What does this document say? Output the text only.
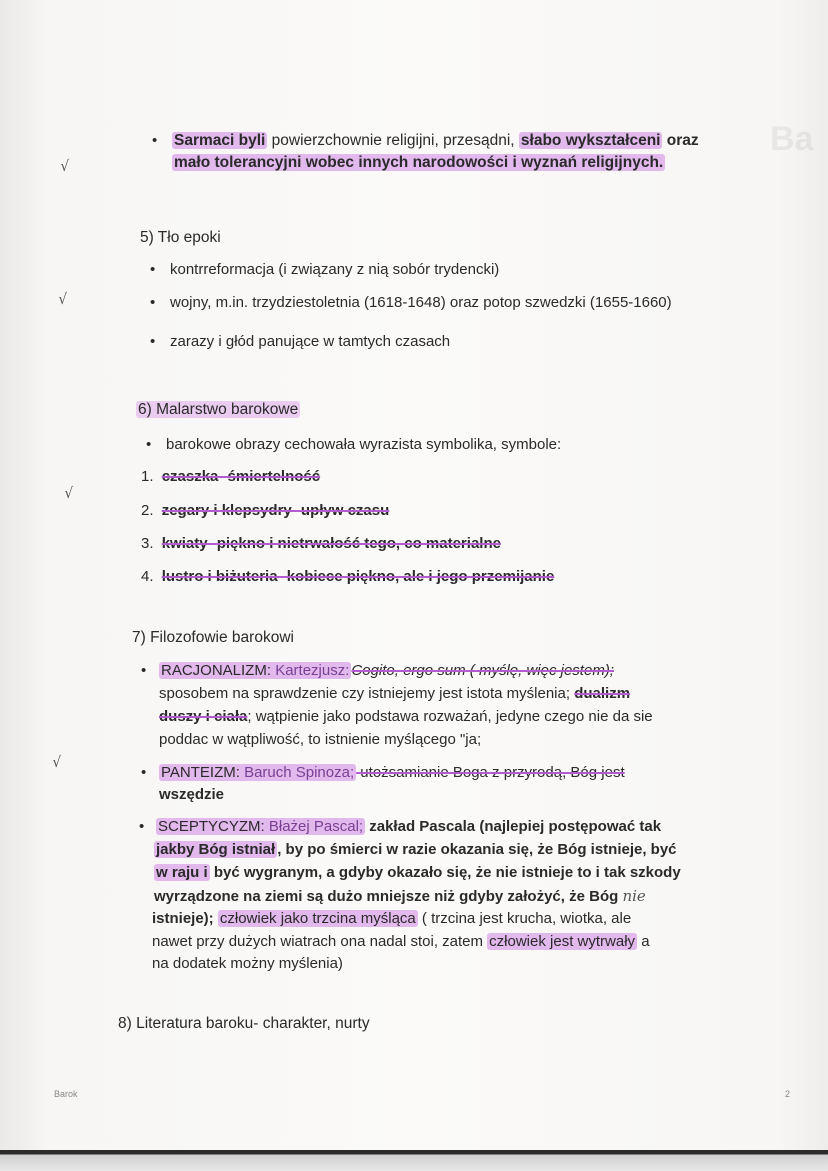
Ba
√
√
√
√
• Sarmaci byli powierzchownie religijni, przesądni, słabo wykształceni oraz
mało tolerancyjni wobec innych narodowości i wyznań religijnych.
5) Tło epoki
• kontrreformacja (i związany z nią sobór trydencki)
• wojny, m.in. trzydziestoletnia (1618-1648) oraz potop szwedzki (1655-1660)
• zarazy i głód panujące w tamtych czasach
6) Malarstwo barokowe
• barokowe obrazy cechowała wyrazista symbolika, symbole:
1. czaszka- śmiertelność
2. zegary i klepsydry- upływ czasu
3. kwiaty- piękno i nietrwałość tego, co materialne
4. lustro i biżuteria- kobiece piękno, ale i jego przemijanie
7) Filozofowie barokowi
• RACJONALIZM: Kartezjusz: Cogito, ergo sum ( myślę, więc jestem);
sposobem na sprawdzenie czy istniejemy jest istota myślenia; dualizm
duszy i ciała; wątpienie jako podstawa rozważań, jedyne czego nie da sie
poddac w wątpliwość, to istnienie myślącego "ja;
• PANTEIZM: Baruch Spinoza; utożsamianie Boga z przyrodą, Bóg jest
wszędzie
• SCEPTYCYZM: Błażej Pascal; zakład Pascala (najlepiej postępować tak
jakby Bóg istniał , by po śmierci w razie okazania się, że Bóg istnieje, być
w raju i być wygranym, a gdyby okazało się, że nie istnieje to i tak szkody
wyrządzone na ziemi są dużo mniejsze niż gdyby założyć, że Bóg nie
istnieje); człowiek jako trzcina myśląca ( trzcina jest krucha, wiotka, ale
nawet przy dużych wiatrach ona nadal stoi, zatem człowiek jest wytrwały a
na dodatek możny myślenia)
8) Literatura baroku- charakter, nurty
Barok	2
